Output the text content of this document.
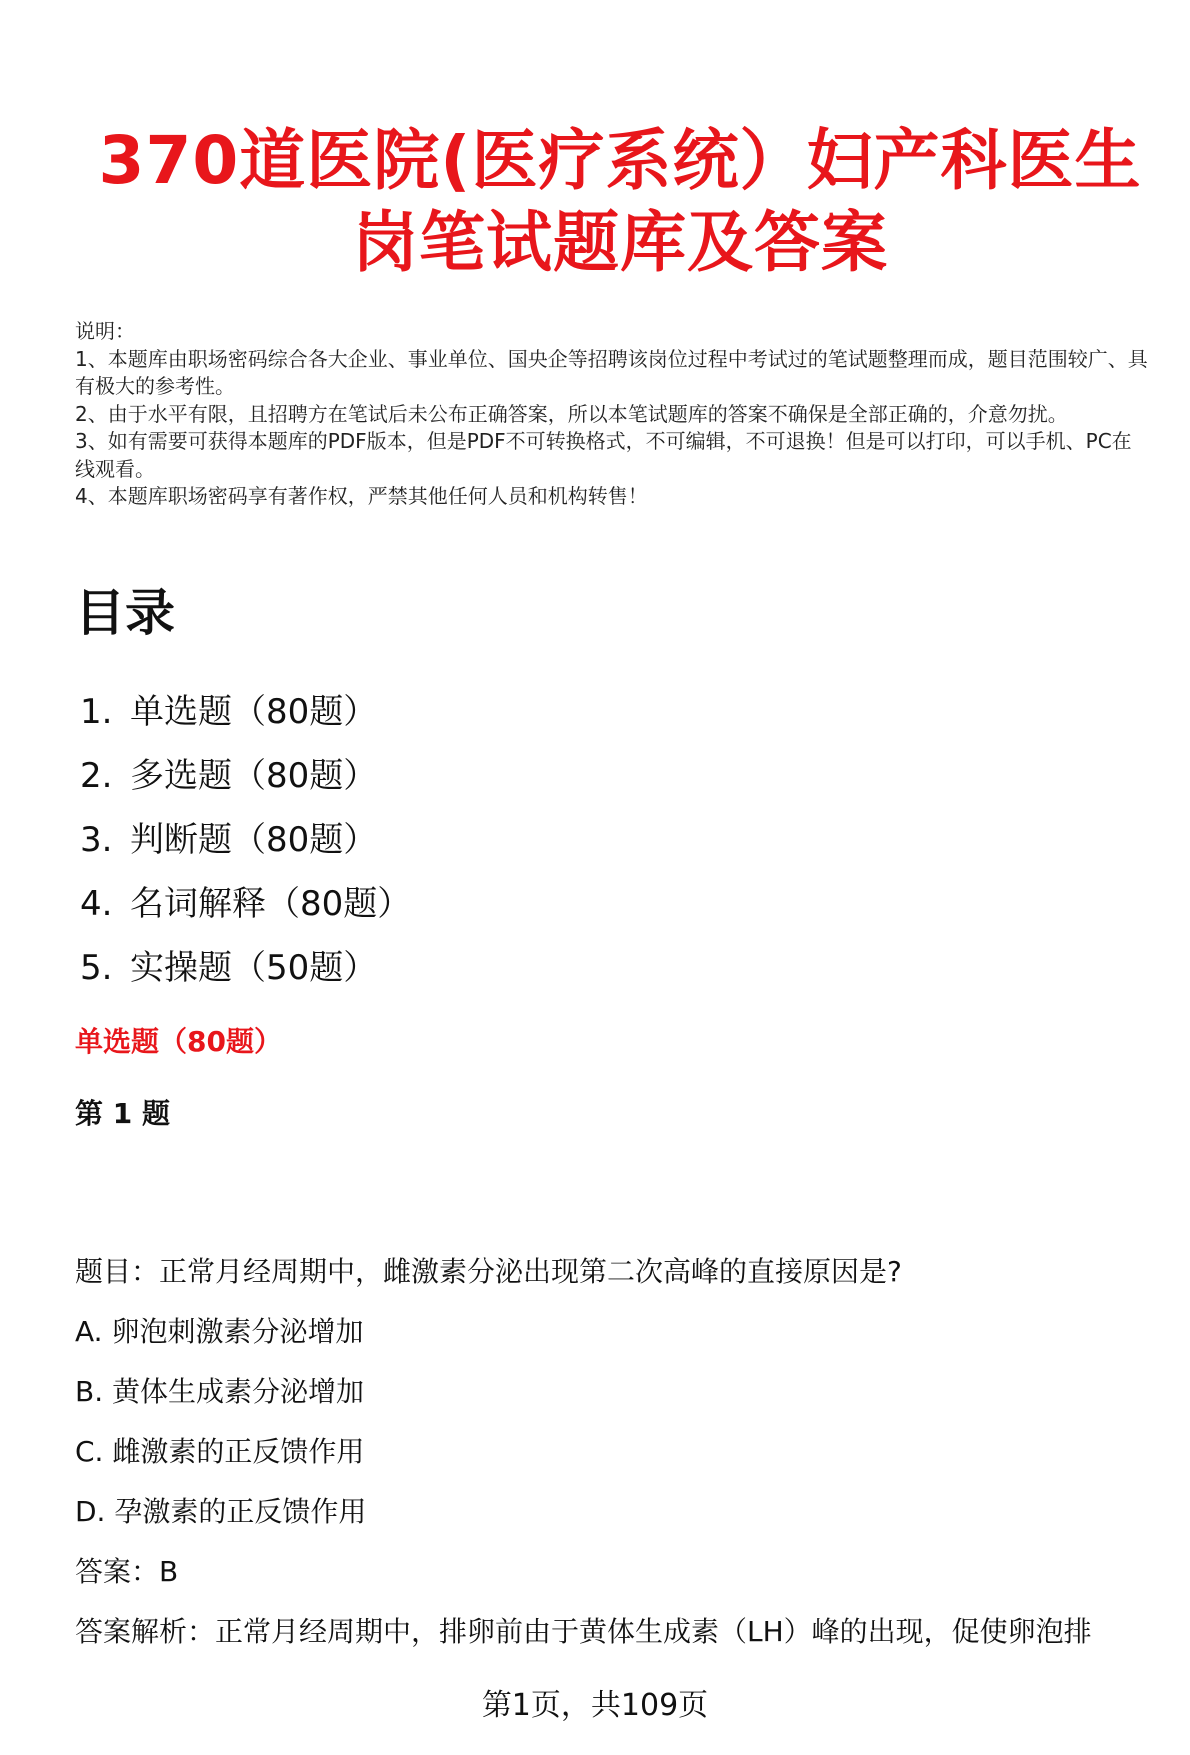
370道医院(医疗系统）妇产科医生
岗笔试题库及答案
说明：
1、本题库由职场密码综合各大企业、事业单位、国央企等招聘该岗位过程中考试过的笔试题整理而成，题目范围较广、具有极大的参考性。
2、由于水平有限，且招聘方在笔试后未公布正确答案，所以本笔试题库的答案不确保是全部正确的，介意勿扰。
3、如有需要可获得本题库的PDF版本，但是PDF不可转换格式，不可编辑，不可退换！但是可以打印，可以手机、PC在线观看。
4、本题库职场密码享有著作权，严禁其他任何人员和机构转售！
目录
1. 单选题（80题）
2. 多选题（80题）
3. 判断题（80题）
4. 名词解释（80题）
5. 实操题（50题）
单选题（80题）
第 1 题
题目：正常月经周期中，雌激素分泌出现第二次高峰的直接原因是?
A. 卵泡刺激素分泌增加
B. 黄体生成素分泌增加
C. 雌激素的正反馈作用
D. 孕激素的正反馈作用
答案：B
答案解析：正常月经周期中，排卵前由于黄体生成素（LH）峰的出现，促使卵泡排
第1页，共109页
